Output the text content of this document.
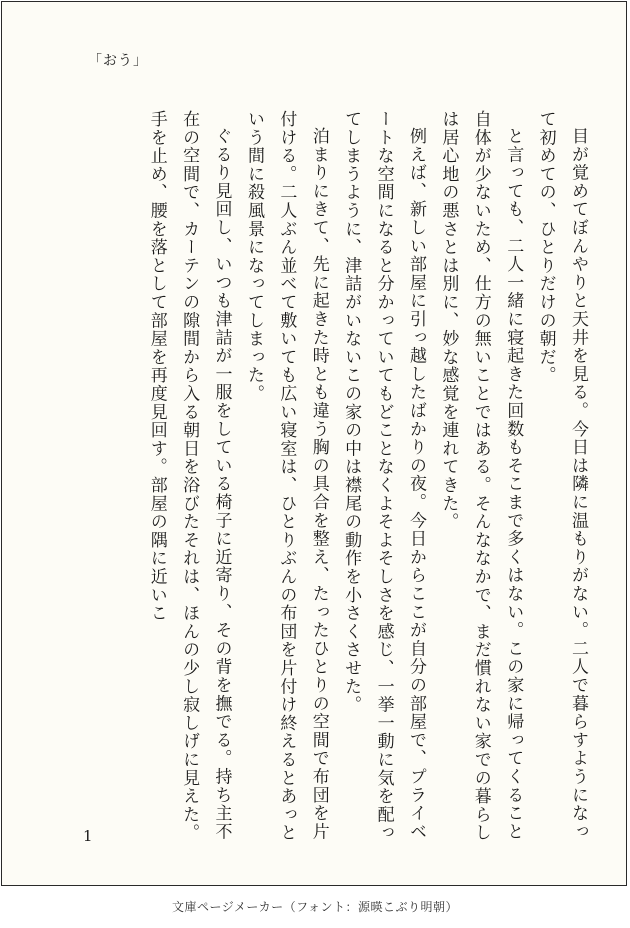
「おう」

目が覚めてぼんやりと天井を見る。今日は隣に温もりがない。二人で暮らすようになって初めての、ひとりだけの朝だ。

と言っても、二人一緒に寝起きた回数もそこまで多くはない。この家に帰ってくること自体が少ないため、仕方の無いことではある。そんななかで、まだ慣れない家での暮らしは居心地の悪さとは別に、妙な感覚を連れてきた。

例えば、新しい部屋に引っ越したばかりの夜。今日からここが自分の部屋で、プライベートな空間になると分かっていてもどことなくよそよそしさを感じ、一挙一動に気を配ってしまうように、津詰がいないこの家の中は襟尾の動作を小さくさせた。

泊まりにきて、先に起きた時とも違う胸の具合を整え、たったひとりの空間で布団を片付ける。二人ぶん並べて敷いても広い寝室は、ひとりぶんの布団を片付け終えるとあっという間に殺風景になってしまった。

ぐるり見回し、いつも津詰が一服をしている椅子に近寄り、その背を撫でる。持ち主不在の空間で、カーテンの隙間から入る朝日を浴びたそれは、ほんの少し寂しげに見えた。手を止め、腰を落として部屋を再度見回す。部屋の隅に近いこ

1
文庫ページメーカー（フォント：源暎こぶり明朝）
